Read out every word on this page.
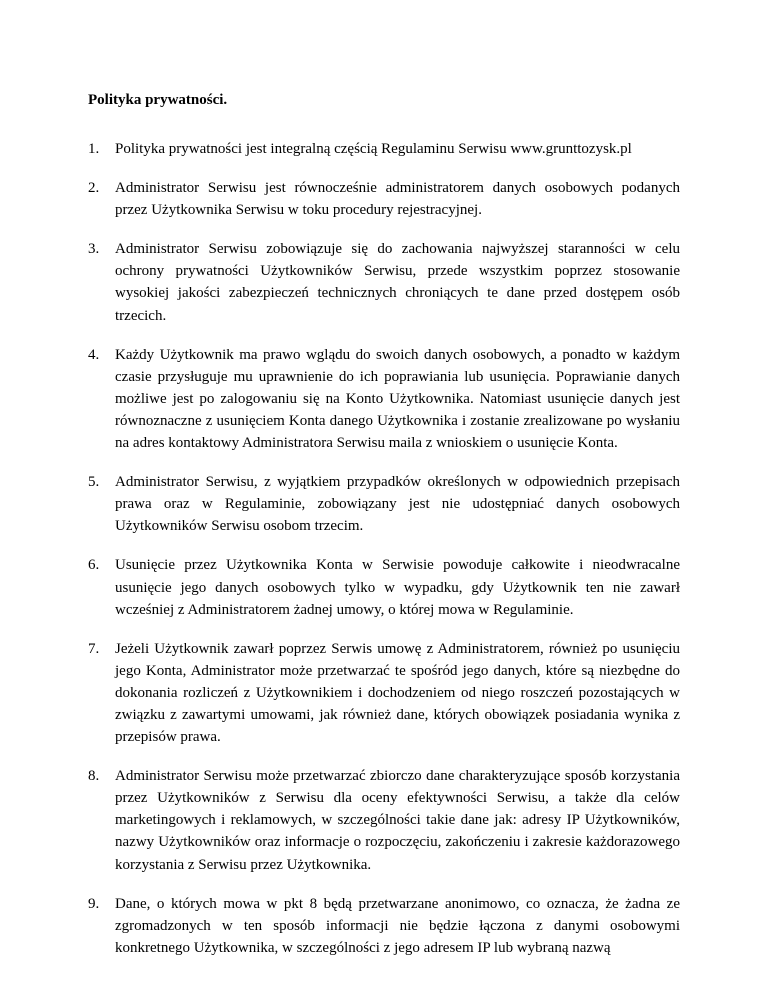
Polityka prywatności.
1. Polityka prywatności jest integralną częścią Regulaminu Serwisu www.grunttozysk.pl
2. Administrator Serwisu jest równocześnie administratorem danych osobowych podanych przez Użytkownika Serwisu w toku procedury rejestracyjnej.
3. Administrator Serwisu zobowiązuje się do zachowania najwyższej staranności w celu ochrony prywatności Użytkowników Serwisu, przede wszystkim poprzez stosowanie wysokiej jakości zabezpieczeń technicznych chroniących te dane przed dostępem osób trzecich.
4. Każdy Użytkownik ma prawo wglądu do swoich danych osobowych, a ponadto w każdym czasie przysługuje mu uprawnienie do ich poprawiania lub usunięcia. Poprawianie danych możliwe jest po zalogowaniu się na Konto Użytkownika. Natomiast usunięcie danych jest równoznaczne z usunięciem Konta danego Użytkownika i zostanie zrealizowane po wysłaniu na adres kontaktowy Administratora Serwisu maila z wnioskiem o usunięcie Konta.
5. Administrator Serwisu, z wyjątkiem przypadków określonych w odpowiednich przepisach prawa oraz w Regulaminie, zobowiązany jest nie udostępniać danych osobowych Użytkowników Serwisu osobom trzecim.
6. Usunięcie przez Użytkownika Konta w Serwisie powoduje całkowite i nieodwracalne usunięcie jego danych osobowych tylko w wypadku, gdy Użytkownik ten nie zawarł wcześniej z Administratorem żadnej umowy, o której mowa w Regulaminie.
7. Jeżeli Użytkownik zawarł poprzez Serwis umowę z Administratorem, również po usunięciu jego Konta, Administrator może przetwarzać te spośród jego danych, które są niezbędne do dokonania rozliczeń z Użytkownikiem i dochodzeniem od niego roszczeń pozostających w związku z zawartymi umowami, jak również dane, których obowiązek posiadania wynika z przepisów prawa.
8. Administrator Serwisu może przetwarzać zbiorczo dane charakteryzujące sposób korzystania przez Użytkowników z Serwisu dla oceny efektywności Serwisu, a także dla celów marketingowych i reklamowych, w szczególności takie dane jak: adresy IP Użytkowników, nazwy Użytkowników oraz informacje o rozpoczęciu, zakończeniu i zakresie każdorazowego korzystania z Serwisu przez Użytkownika.
9. Dane, o których mowa w pkt 8 będą przetwarzane anonimowo, co oznacza, że żadna ze zgromadzonych w ten sposób informacji nie będzie łączona z danymi osobowymi konkretnego Użytkownika, w szczególności z jego adresem IP lub wybraną nazwą
